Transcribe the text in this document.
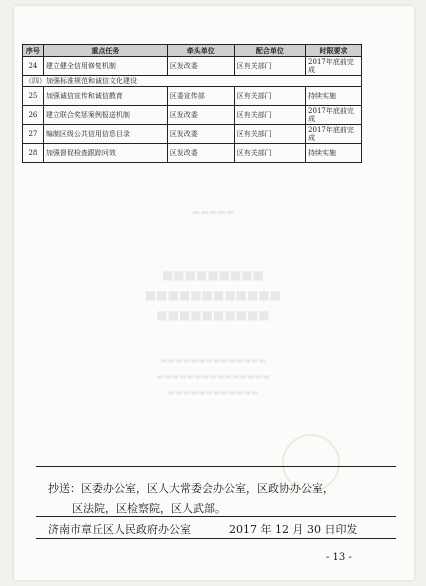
▬▬▬▬▬
■■■■■■■■■
■■■■■■■■■■■■
■■■■■■■■■■
▬▬▬▬▬▬▬▬▬▬▬▬▬▬
▬▬▬▬▬▬▬▬▬▬▬▬▬▬▬
▬▬▬▬▬▬▬▬▬▬▬▬
序号	重点任务	牵头单位	配合单位	时限要求
24	建立健全信用修复机制	区发改委	区有关部门	2017年底前完成
（四）加强标准规范和诚信文化建设				
25	加强诚信宣传和诚信教育	区委宣传部	区有关部门	持续实施
26	建立联合奖惩案例报送机制	区发改委	区有关部门	2017年底前完成
27	编制区级公共信用信息目录	区发改委	区有关部门	2017年底前完成
28	加强督促检查跟踪问效	区发改委	区有关部门	持续实施
抄送：区委办公室，区人大常委会办公室，区政协办公室，
区法院，区检察院，区人武部。
济南市章丘区人民政府办公室	2017 年 12 月 30 日印发
- 13 -
